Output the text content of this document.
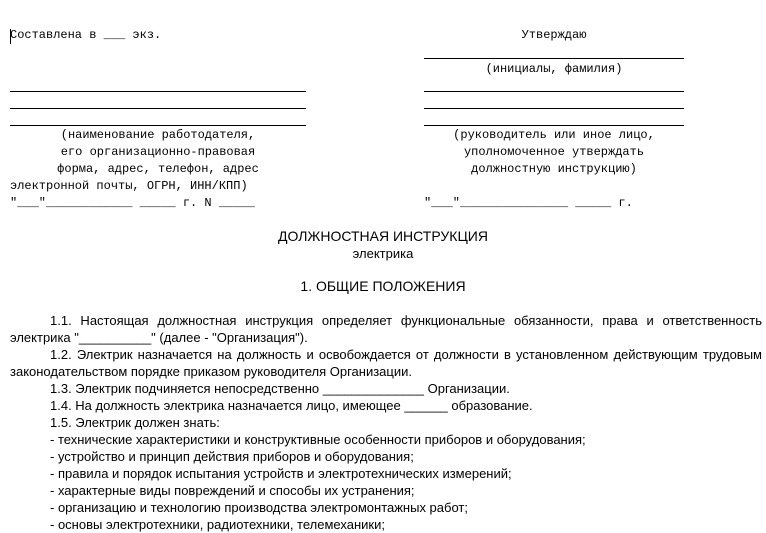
Составлена в ___ экз.
(наименование работодателя,
его организационно-правовая
форма, адрес, телефон, адрес
электронной почты, ОГРН, ИНН/КПП)
"___"____________ _____ г. N _____
Утверждаю
(инициалы, фамилия)
(руководитель или иное лицо,
уполномоченное утверждать
должностную инструкцию)
"___"_______________ _____ г.
ДОЛЖНОСТНАЯ ИНСТРУКЦИЯ
электрика
1. ОБЩИЕ ПОЛОЖЕНИЯ
1.1. Настоящая должностная инструкция определяет функциональные обязанности, права и ответственность электрика "__________" (далее - "Организация").
1.2. Электрик назначается на должность и освобождается от должности в установленном действующим трудовым законодательством порядке приказом руководителя Организации.
1.3. Электрик подчиняется непосредственно ______________ Организации.
1.4. На должность электрика назначается лицо, имеющее ______ образование.
1.5. Электрик должен знать:
- технические характеристики и конструктивные особенности приборов и оборудования;
- устройство и принцип действия приборов и оборудования;
- правила и порядок испытания устройств и электротехнических измерений;
- характерные виды повреждений и способы их устранения;
- организацию и технологию производства электромонтажных работ;
- основы электротехники, радиотехники, телемеханики;
